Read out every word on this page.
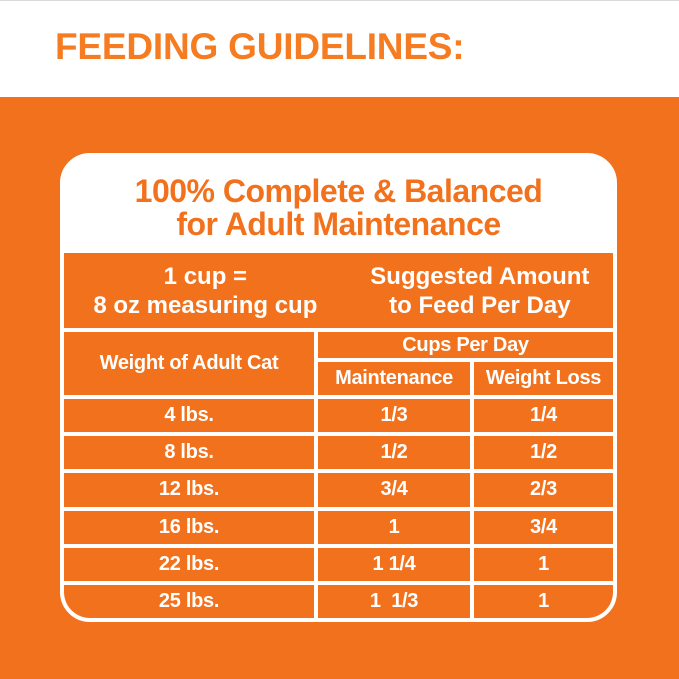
FEEDING GUIDELINES:
100% Complete & Balanced
for Adult Maintenance
1 cup =
8 oz measuring cup
Suggested Amount
to Feed Per Day
Weight of Adult Cat
Cups Per Day
Maintenance	Weight Loss
4 lbs.	1/3	1/4
8 lbs.	1/2	1/2
12 lbs.	3/4	2/3
16 lbs.	1	3/4
22 lbs.	1 1/4	1
25 lbs.	1  1/3	1
